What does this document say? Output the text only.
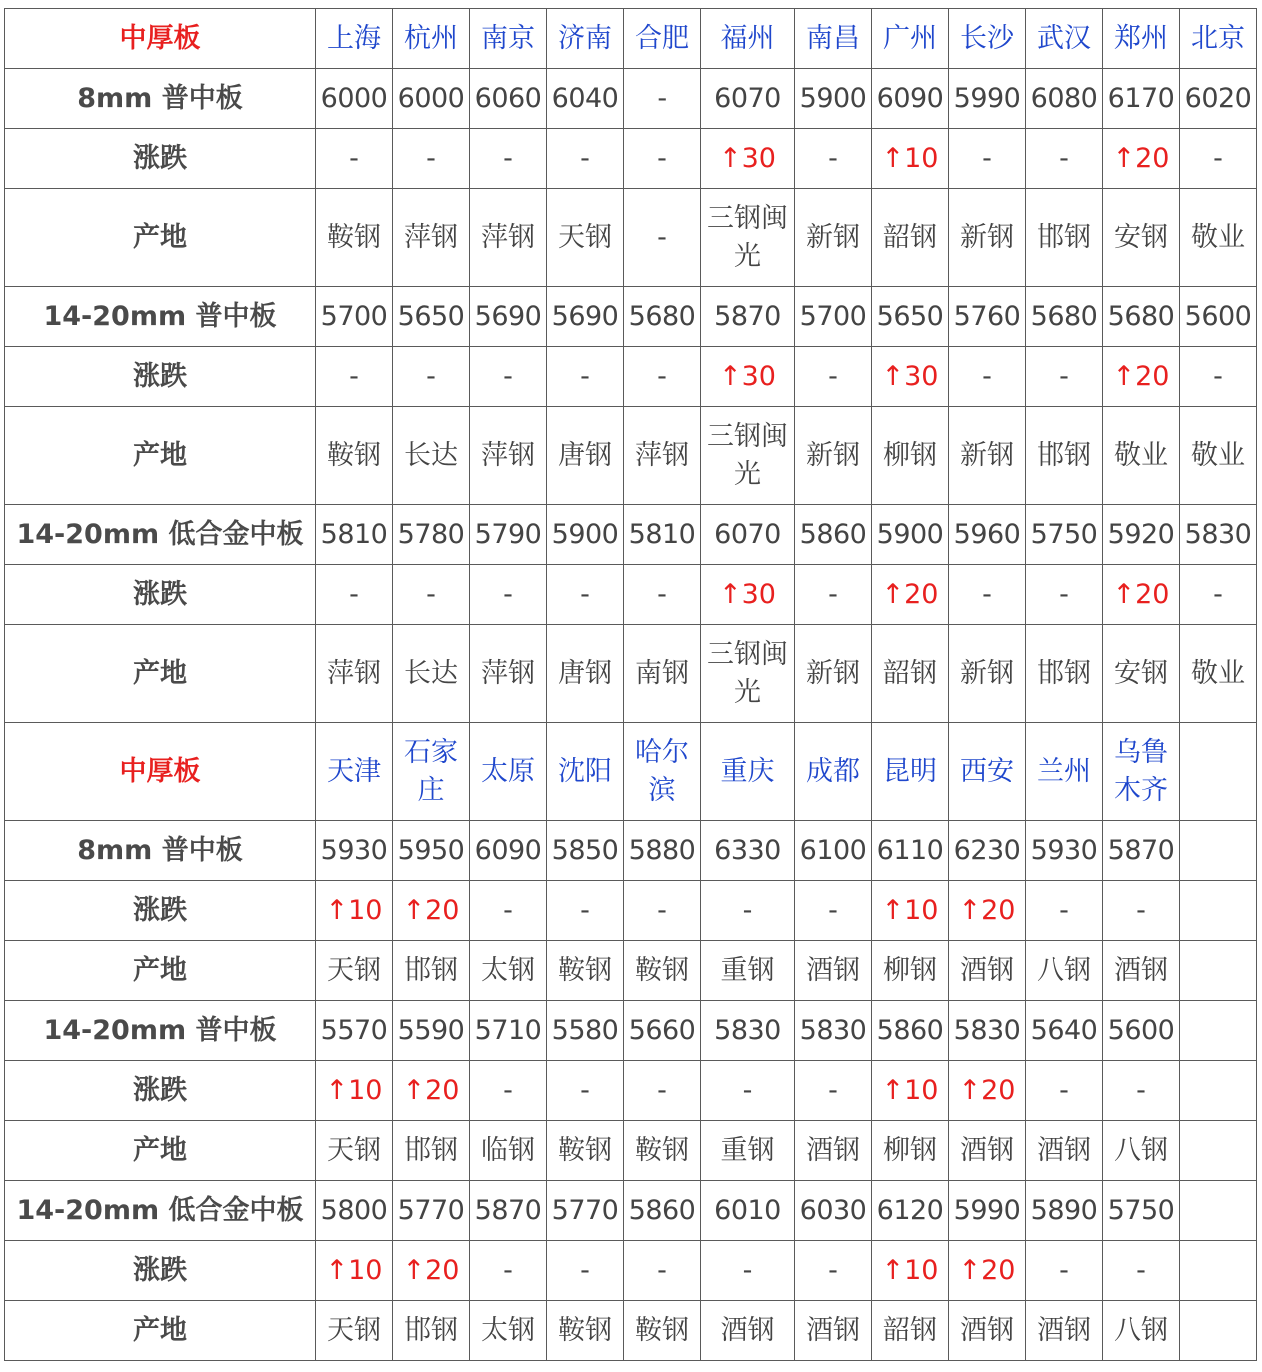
中厚板	上海	杭州	南京	济南	合肥	福州	南昌	广州	长沙	武汉	郑州	北京
8mm 普中板	6000	6000	6060	6040	-	6070	5900	6090	5990	6080	6170	6020
涨跌	-	-	-	-	-	↑30	-	↑10	-	-	↑20	-
产地	鞍钢	萍钢	萍钢	天钢	-	三钢闽光	新钢	韶钢	新钢	邯钢	安钢	敬业
14-20mm 普中板	5700	5650	5690	5690	5680	5870	5700	5650	5760	5680	5680	5600
涨跌	-	-	-	-	-	↑30	-	↑30	-	-	↑20	-
产地	鞍钢	长达	萍钢	唐钢	萍钢	三钢闽光	新钢	柳钢	新钢	邯钢	敬业	敬业
14-20mm 低合金中板	5810	5780	5790	5900	5810	6070	5860	5900	5960	5750	5920	5830
涨跌	-	-	-	-	-	↑30	-	↑20	-	-	↑20	-
产地	萍钢	长达	萍钢	唐钢	南钢	三钢闽光	新钢	韶钢	新钢	邯钢	安钢	敬业
中厚板	天津	石家庄	太原	沈阳	哈尔滨	重庆	成都	昆明	西安	兰州	乌鲁木齐	
8mm 普中板	5930	5950	6090	5850	5880	6330	6100	6110	6230	5930	5870	
涨跌	↑10	↑20	-	-	-	-	-	↑10	↑20	-	-	
产地	天钢	邯钢	太钢	鞍钢	鞍钢	重钢	酒钢	柳钢	酒钢	八钢	酒钢	
14-20mm 普中板	5570	5590	5710	5580	5660	5830	5830	5860	5830	5640	5600	
涨跌	↑10	↑20	-	-	-	-	-	↑10	↑20	-	-	
产地	天钢	邯钢	临钢	鞍钢	鞍钢	重钢	酒钢	柳钢	酒钢	酒钢	八钢	
14-20mm 低合金中板	5800	5770	5870	5770	5860	6010	6030	6120	5990	5890	5750	
涨跌	↑10	↑20	-	-	-	-	-	↑10	↑20	-	-	
产地	天钢	邯钢	太钢	鞍钢	鞍钢	酒钢	酒钢	韶钢	酒钢	酒钢	八钢	
